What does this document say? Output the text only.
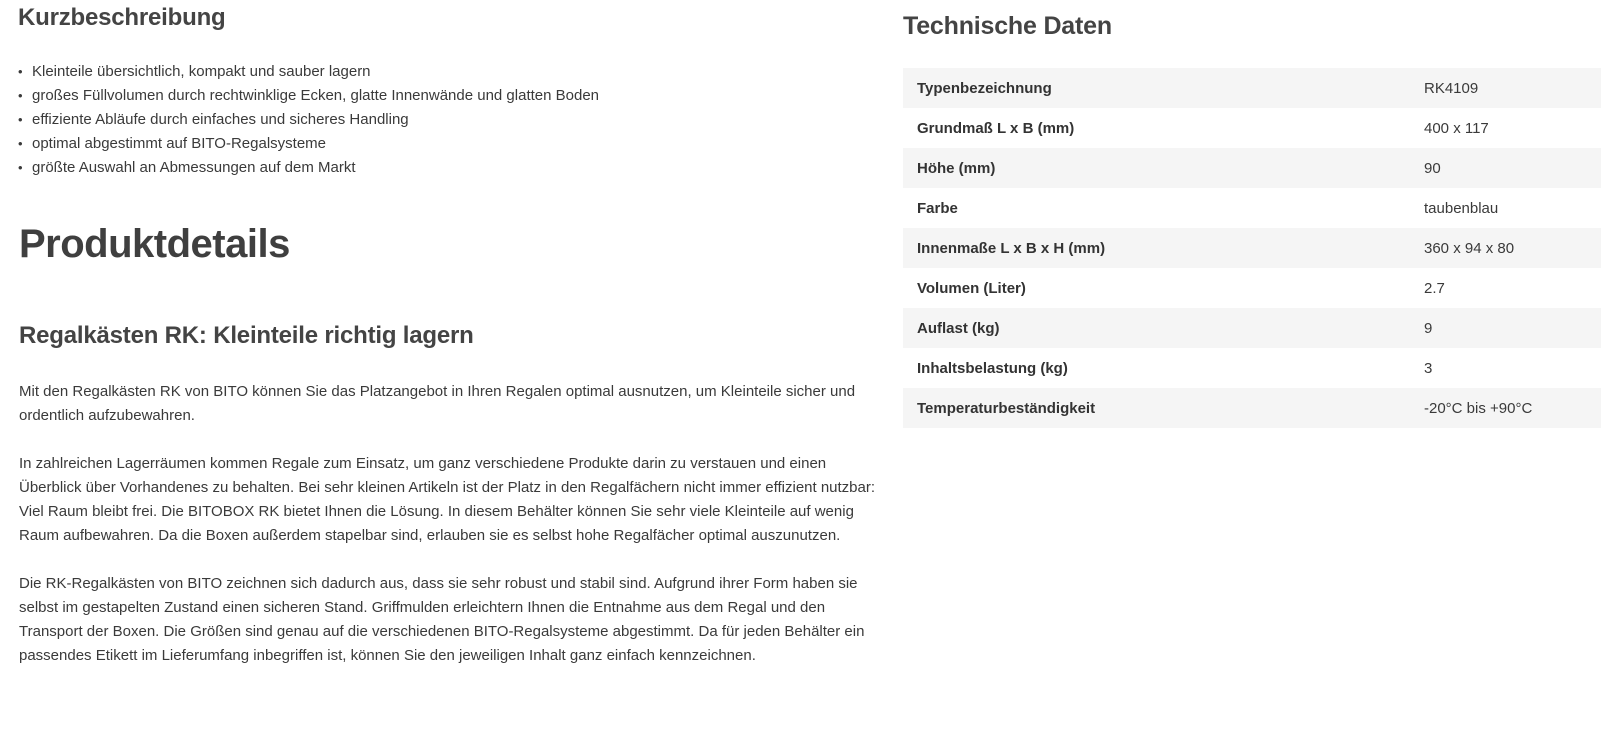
Kurzbeschreibung
• Kleinteile übersichtlich, kompakt und sauber lagern
• großes Füllvolumen durch rechtwinklige Ecken, glatte Innenwände und glatten Boden
• effiziente Abläufe durch einfaches und sicheres Handling
• optimal abgestimmt auf BITO-Regalsysteme
• größte Auswahl an Abmessungen auf dem Markt
Produktdetails
Regalkästen RK: Kleinteile richtig lagern

Mit den Regalkästen RK von BITO können Sie das Platzangebot in Ihren Regalen optimal ausnutzen, um Kleinteile sicher und ordentlich aufzubewahren.

In zahlreichen Lagerräumen kommen Regale zum Einsatz, um ganz verschiedene Produkte darin zu verstauen und einen Überblick über Vorhandenes zu behalten. Bei sehr kleinen Artikeln ist der Platz in den Regalfächern nicht immer effizient nutzbar: Viel Raum bleibt frei. Die BITOBOX RK bietet Ihnen die Lösung. In diesem Behälter können Sie sehr viele Kleinteile auf wenig Raum aufbewahren. Da die Boxen außerdem stapelbar sind, erlauben sie es selbst hohe Regalfächer optimal auszunutzen.

Die RK-Regalkästen von BITO zeichnen sich dadurch aus, dass sie sehr robust und stabil sind. Aufgrund ihrer Form haben sie selbst im gestapelten Zustand einen sicheren Stand. Griffmulden erleichtern Ihnen die Entnahme aus dem Regal und den Transport der Boxen. Die Größen sind genau auf die verschiedenen BITO-Regalsysteme abgestimmt. Da für jeden Behälter ein passendes Etikett im Lieferumfang inbegriffen ist, können Sie den jeweiligen Inhalt ganz einfach kennzeichnen.

Technische Daten
Typenbezeichnung	RK4109
Grundmaß L x B (mm)	400 x 117
Höhe (mm)	90
Farbe	taubenblau
Innenmaße L x B x H (mm)	360 x 94 x 80
Volumen (Liter)	2.7
Auflast (kg)	9
Inhaltsbelastung (kg)	3
Temperaturbeständigkeit	-20°C bis +90°C
